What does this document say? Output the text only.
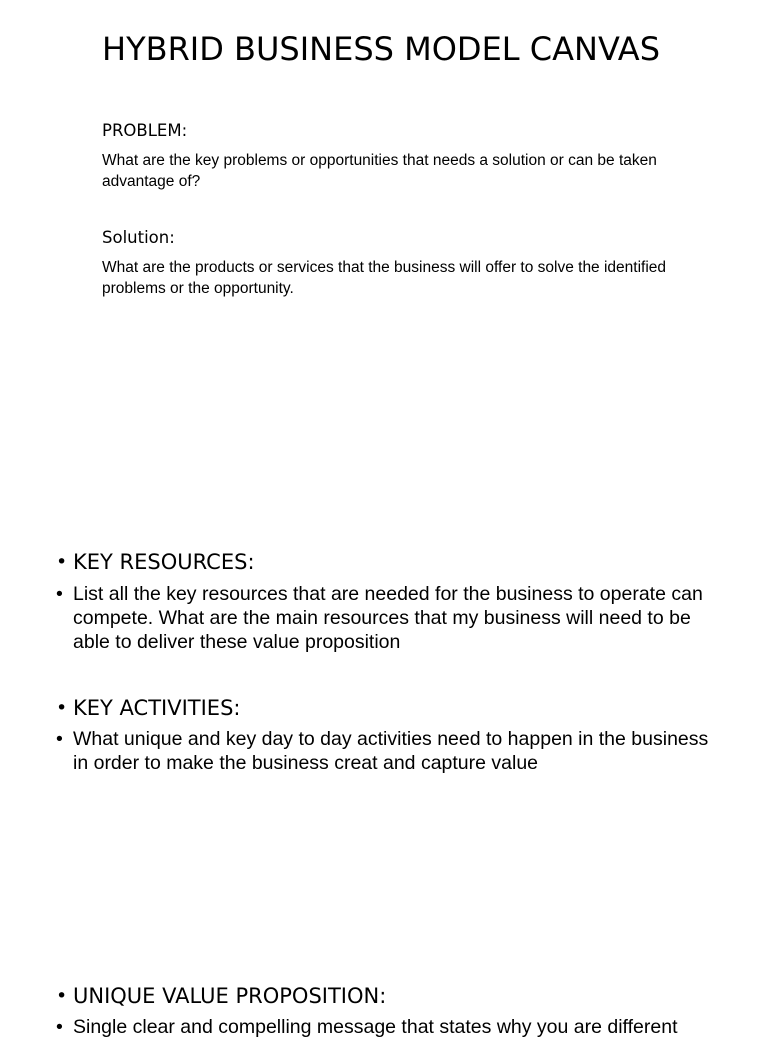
HYBRID BUSINESS MODEL CANVAS
PROBLEM:

What are the key problems or opportunities that needs a solution or can be taken advantage of?

Solution:

What are the products or services that the business will offer to solve the identified problems or the opportunity.

• KEY RESOURCES:
• List all the key resources that are needed for the business to operate can compete. What are the main resources that my business will need to be able to deliver these value proposition
• KEY ACTIVITIES:
• What unique and key day to day activities need to happen in the business in order to make the business creat and capture value
• UNIQUE VALUE PROPOSITION:
• Single clear and compelling message that states why you are different
